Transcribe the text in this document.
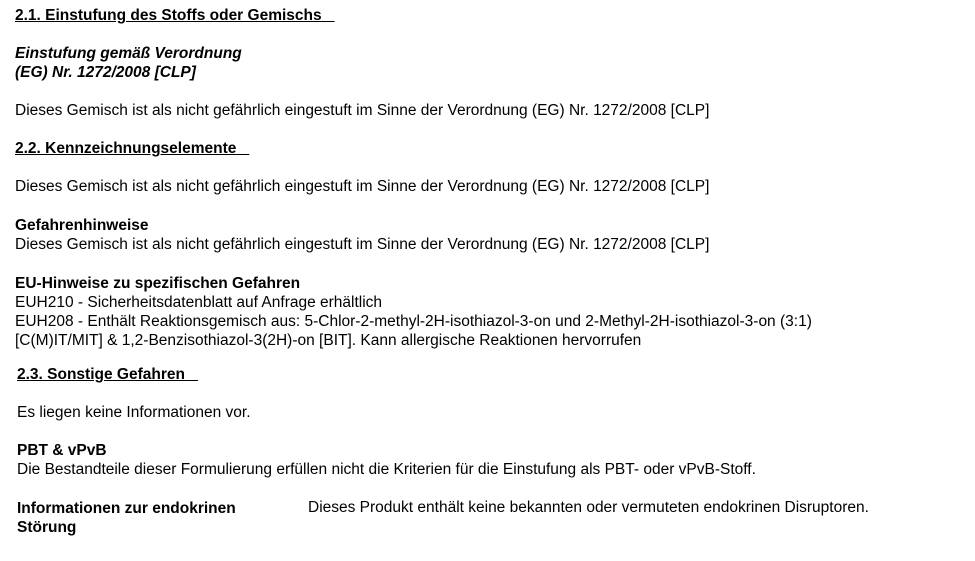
2.1. Einstufung des Stoffs oder Gemischs
Einstufung gemäß Verordnung
(EG) Nr. 1272/2008 [CLP]
Dieses Gemisch ist als nicht gefährlich eingestuft im Sinne der Verordnung (EG) Nr. 1272/2008 [CLP]
2.2. Kennzeichnungselemente
Dieses Gemisch ist als nicht gefährlich eingestuft im Sinne der Verordnung (EG) Nr. 1272/2008 [CLP]
Gefahrenhinweise
Dieses Gemisch ist als nicht gefährlich eingestuft im Sinne der Verordnung (EG) Nr. 1272/2008 [CLP]
EU-Hinweise zu spezifischen Gefahren
EUH210 - Sicherheitsdatenblatt auf Anfrage erhältlich
EUH208 - Enthält Reaktionsgemisch aus: 5-Chlor-2-methyl-2H-isothiazol-3-on und 2-Methyl-2H-isothiazol-3-on (3:1)
[C(M)IT/MIT] & 1,2-Benzisothiazol-3(2H)-on [BIT]. Kann allergische Reaktionen hervorrufen
2.3. Sonstige Gefahren
Es liegen keine Informationen vor.
PBT & vPvB
Die Bestandteile dieser Formulierung erfüllen nicht die Kriterien für die Einstufung als PBT- oder vPvB-Stoff.
Informationen zur endokrinen
Störung
Dieses Produkt enthält keine bekannten oder vermuteten endokrinen Disruptoren.
